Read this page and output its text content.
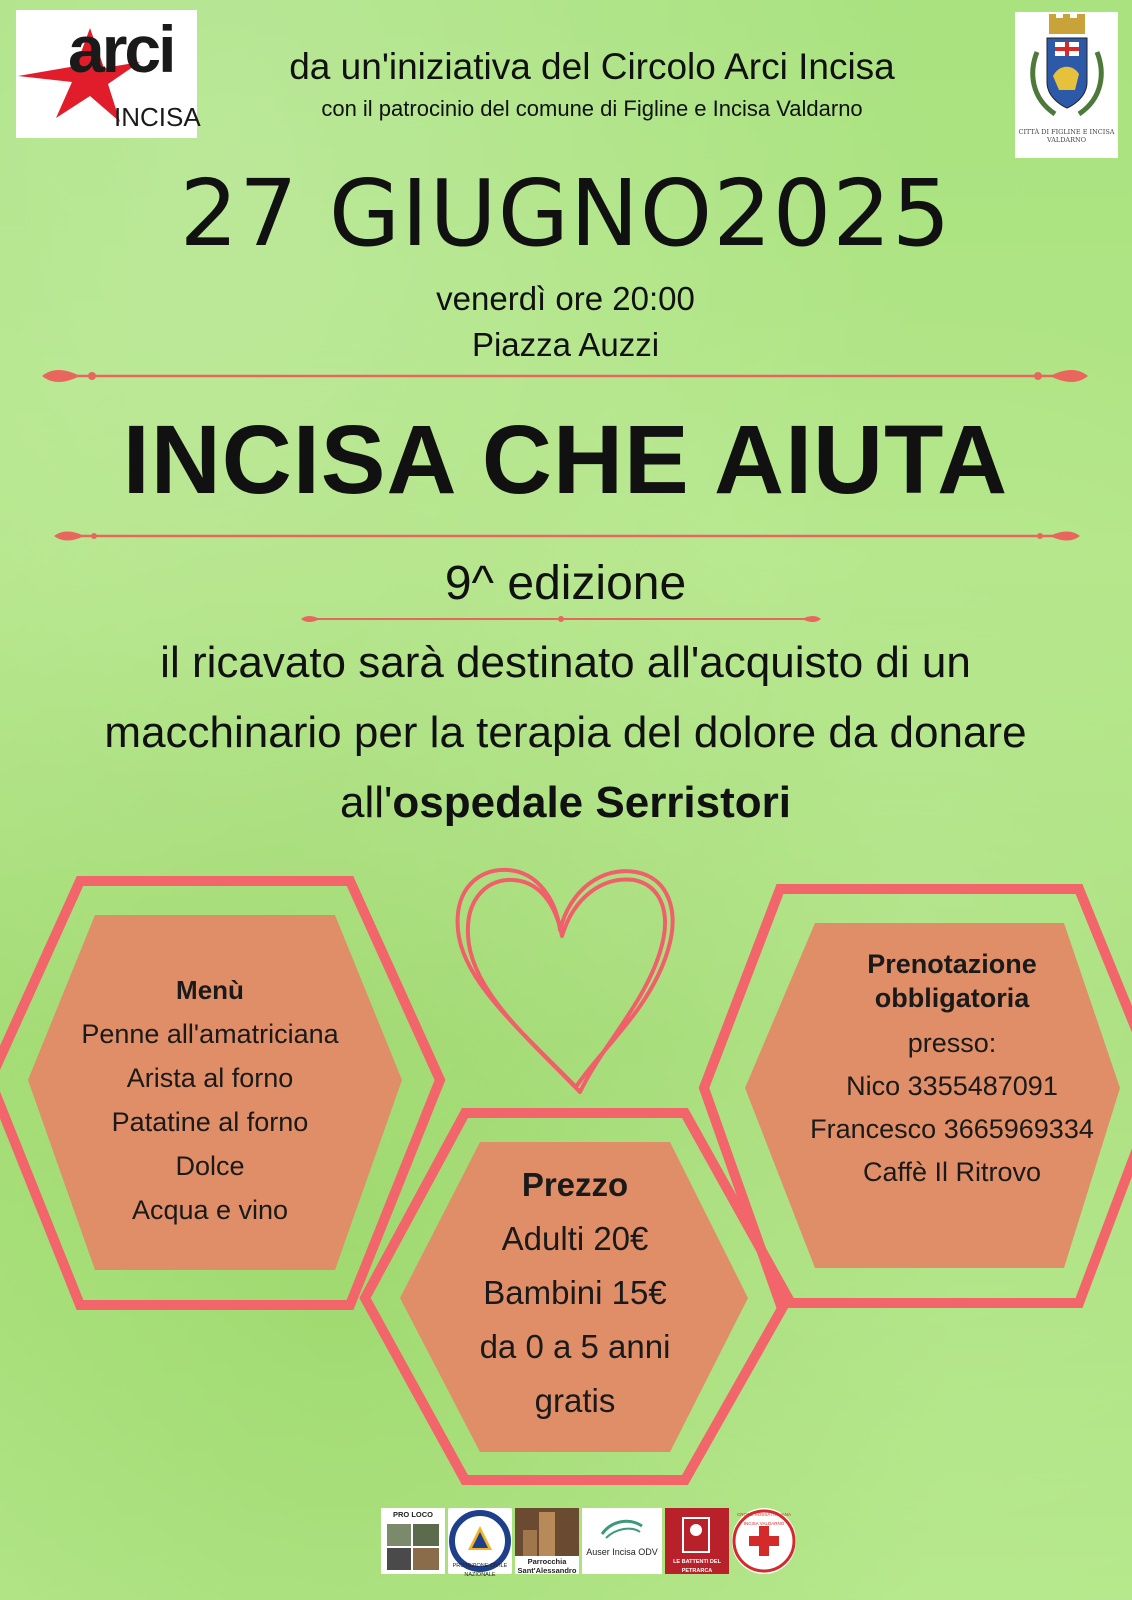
arci
INCISA	CITTÀ DI FIGLINE E INCISA VALDARNO
da un'iniziativa del Circolo Arci Incisa
con il patrocinio del comune di Figline e Incisa Valdarno
27 GIUGNO2025
venerdì ore 20:00
Piazza Auzzi
INCISA CHE AIUTA
9^ edizione
il ricavato sarà destinato all'acquisto di un
macchinario per la terapia del dolore da donare
all'ospedale Serristori
Menù
Penne all'amatriciana
Arista al forno
Patatine al forno
Dolce
Acqua e vino
Prenotazione
obbligatoria
presso:
Nico 3355487091
Francesco 3665969334
Caffè Il Ritrovo
Prezzo
Adulti 20€
Bambini 15€
da 0 a 5 anni
gratis
PRO LOCO
PROTEZIONE CIVILE NAZIONALE
Parrocchia Sant'Alessandro
Auser Incisa ODV
LE BATTENTI DEL PETRARCA
CROCE ROSSA ITALIANA INCISA VALDARNO
